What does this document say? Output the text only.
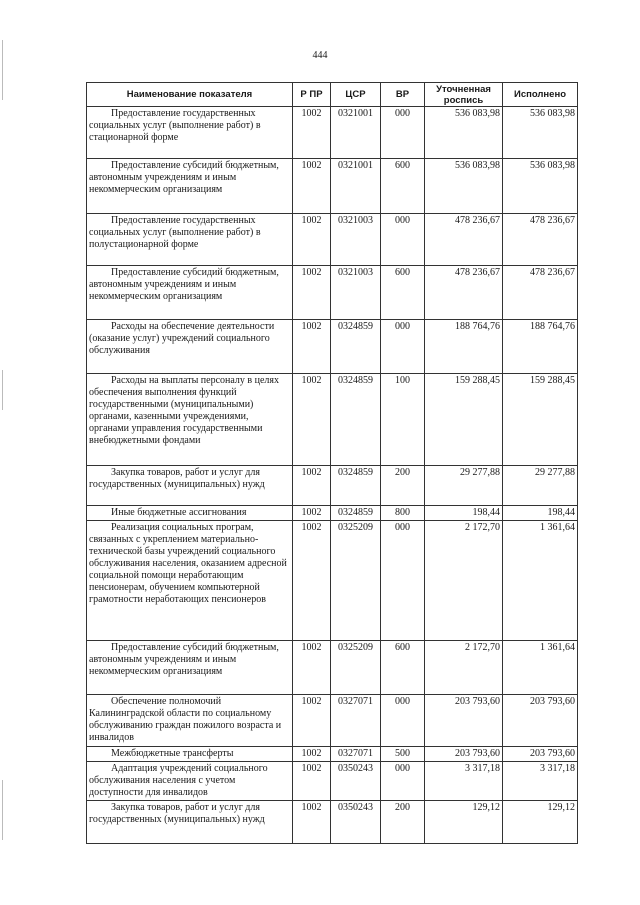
444
Наименование показателя	Р ПР	ЦСР	ВР	Уточненная роспись	Исполнено
Предоставление государственных социальных услуг (выполнение работ) в стационарной форме	1002	0321001	000	536 083,98	536 083,98
Предоставление субсидий бюджетным, автономным учреждениям и иным некоммерческим организациям	1002	0321001	600	536 083,98	536 083,98
Предоставление государственных социальных услуг (выполнение работ) в полустационарной форме	1002	0321003	000	478 236,67	478 236,67
Предоставление субсидий бюджетным, автономным учреждениям и иным некоммерческим организациям	1002	0321003	600	478 236,67	478 236,67
Расходы на обеспечение деятельности (оказание услуг) учреждений социального обслуживания	1002	0324859	000	188 764,76	188 764,76
Расходы на выплаты персоналу в целях обеспечения выполнения функций государственными (муниципальными) органами, казенными учреждениями, органами управления государственными внебюджетными фондами	1002	0324859	100	159 288,45	159 288,45
Закупка товаров, работ и услуг для государственных (муниципальных) нужд	1002	0324859	200	29 277,88	29 277,88
Иные бюджетные ассигнования	1002	0324859	800	198,44	198,44
Реализация социальных програм, связанных с укреплением материально-технической базы учреждений социального обслуживания населения, оказанием адресной социальной помощи неработающим пенсионерам, обучением компьютерной грамотности неработающих пенсионеров	1002	0325209	000	2 172,70	1 361,64
Предоставление субсидий бюджетным, автономным учреждениям и иным некоммерческим организациям	1002	0325209	600	2 172,70	1 361,64
Обеспечение полномочий Калининградской области по социальному обслуживанию граждан пожилого возраста и инвалидов	1002	0327071	000	203 793,60	203 793,60
Межбюджетные трансферты	1002	0327071	500	203 793,60	203 793,60
Адаптация учреждений социального обслуживания населения с учетом доступности для инвалидов	1002	0350243	000	3 317,18	3 317,18
Закупка товаров, работ и услуг для государственных (муниципальных) нужд	1002	0350243	200	129,12	129,12
